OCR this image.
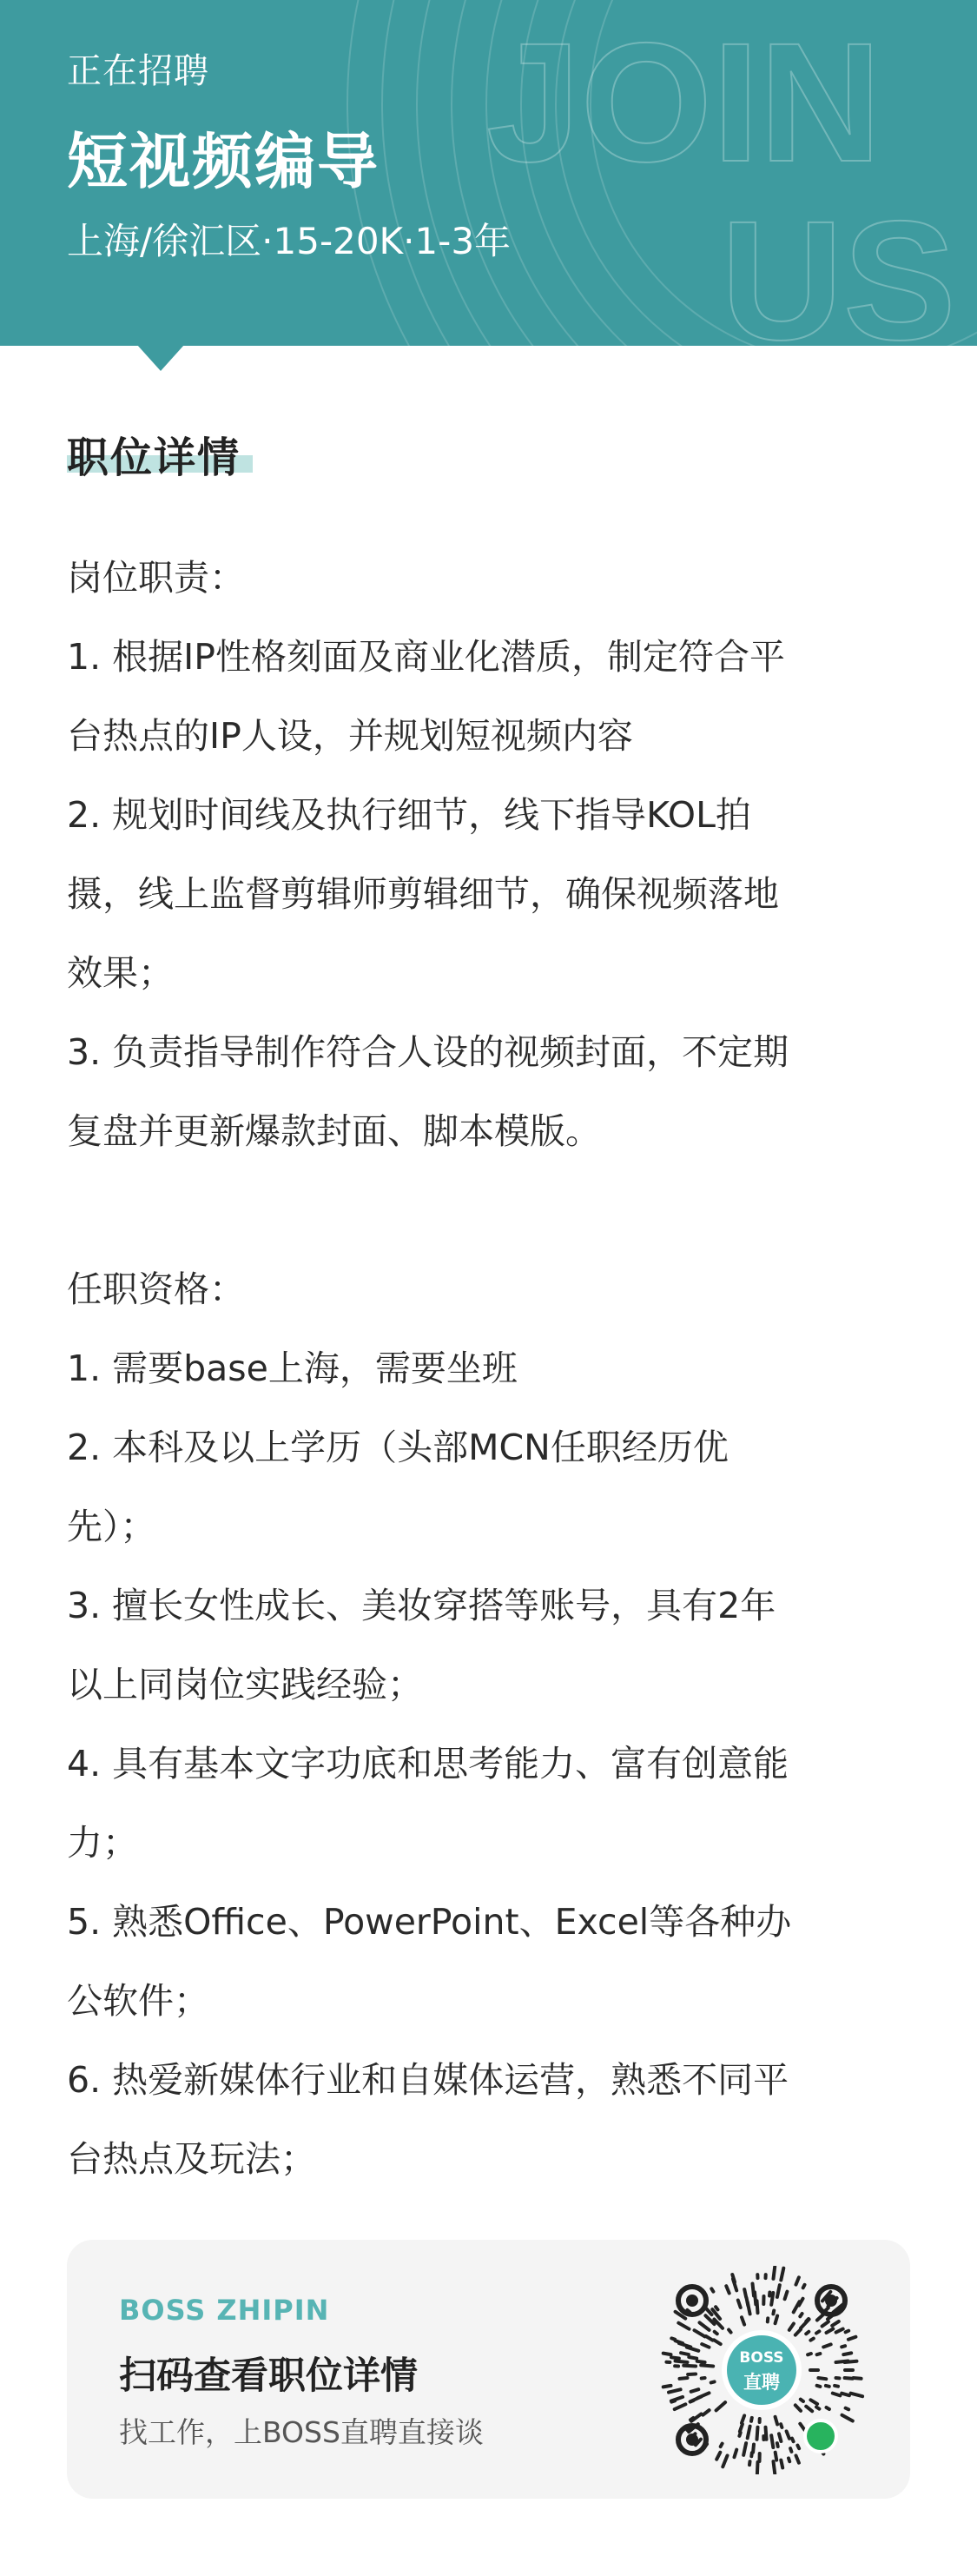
JOIN
US
正在招聘
短视频编导
上海/徐汇区·15-20K·1-3年
职位详情

岗位职责：

1. 根据IP性格刻面及商业化潜质，制定符合平

台热点的IP人设，并规划短视频内容

2. 规划时间线及执行细节，线下指导KOL拍

摄，线上监督剪辑师剪辑细节，确保视频落地

效果；

3. 负责指导制作符合人设的视频封面，不定期

复盘并更新爆款封面、脚本模版。

任职资格：

1. 需要base上海，需要坐班

2. 本科及以上学历（头部MCN任职经历优

先）；

3. 擅长女性成长、美妆穿搭等账号，具有2年

以上同岗位实践经验；

4. 具有基本文字功底和思考能力、富有创意能

力；

5. 熟悉Office、PowerPoint、Excel等各种办

公软件；

6. 热爱新媒体行业和自媒体运营，熟悉不同平

台热点及玩法；

BOSS ZHIPIN
扫码查看职位详情
找工作，上BOSS直聘直接谈
BOSS
直聘
